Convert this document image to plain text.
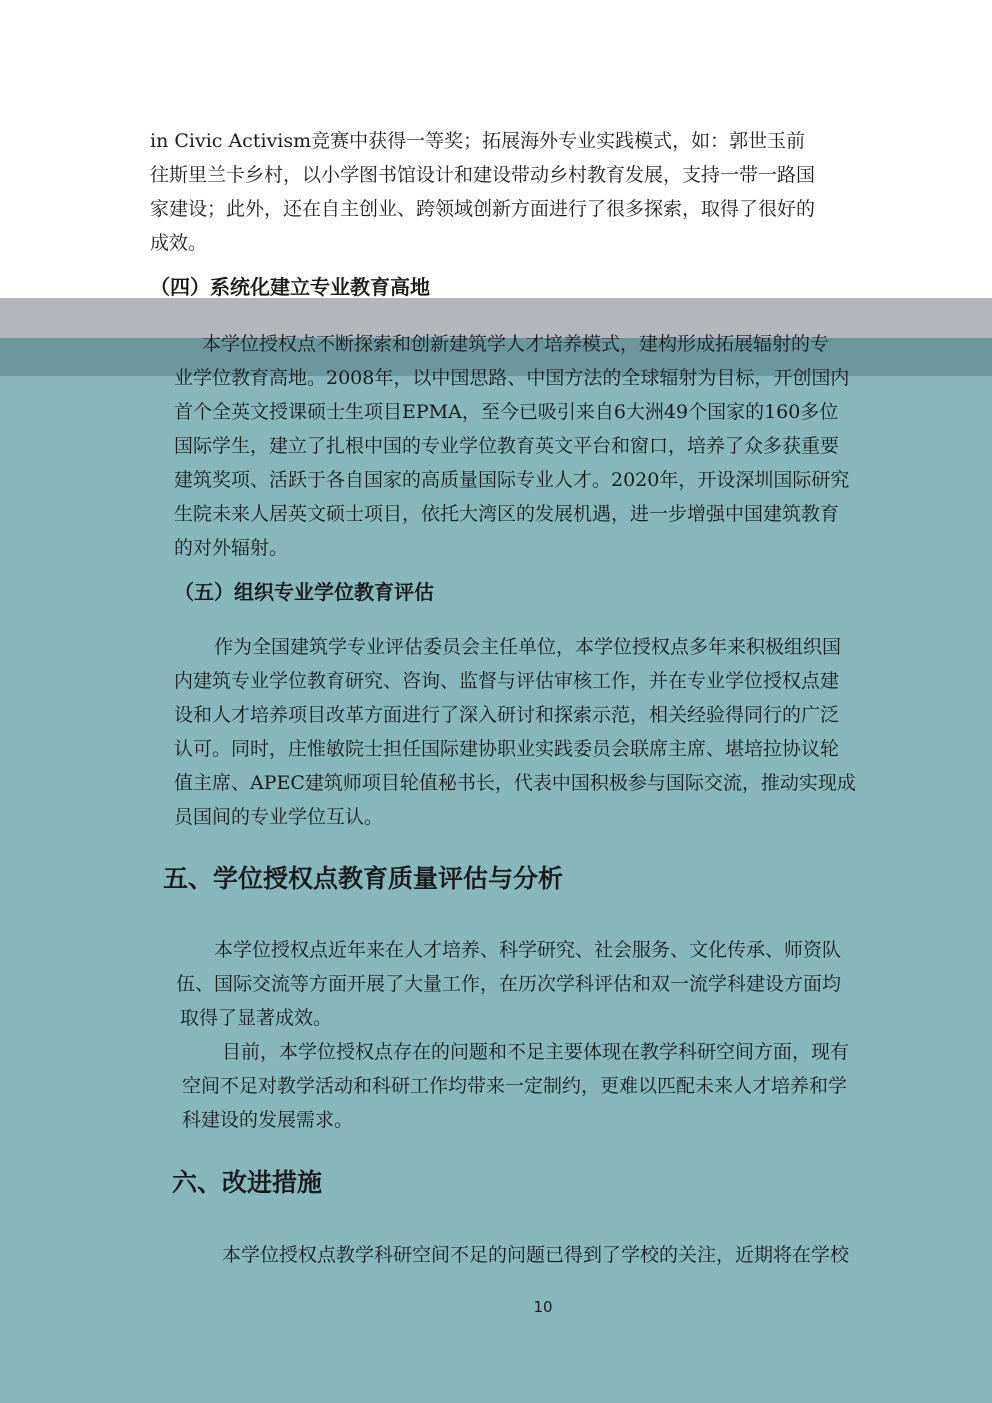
in Civic Activism竞赛中获得一等奖；拓展海外专业实践模式，如：郭世玉前
往斯里兰卡乡村，以小学图书馆设计和建设带动乡村教育发展，支持一带一路国
家建设；此外，还在自主创业、跨领域创新方面进行了很多探索，取得了很好的
成效。
（四）系统化建立专业教育高地
本学位授权点不断探索和创新建筑学人才培养模式，建构形成拓展辐射的专
业学位教育高地。2008年，以中国思路、中国方法的全球辐射为目标，开创国内
首个全英文授课硕士生项目EPMA，至今已吸引来自6大洲49个国家的160多位
国际学生，建立了扎根中国的专业学位教育英文平台和窗口，培养了众多获重要
建筑奖项、活跃于各自国家的高质量国际专业人才。2020年，开设深圳国际研究
生院未来人居英文硕士项目，依托大湾区的发展机遇，进一步增强中国建筑教育
的对外辐射。
（五）组织专业学位教育评估
作为全国建筑学专业评估委员会主任单位，本学位授权点多年来积极组织国
内建筑专业学位教育研究、咨询、监督与评估审核工作，并在专业学位授权点建
设和人才培养项目改革方面进行了深入研讨和探索示范，相关经验得同行的广泛
认可。同时，庄惟敏院士担任国际建协职业实践委员会联席主席、堪培拉协议轮
值主席、APEC建筑师项目轮值秘书长，代表中国积极参与国际交流，推动实现成
员国间的专业学位互认。
五、学位授权点教育质量评估与分析
本学位授权点近年来在人才培养、科学研究、社会服务、文化传承、师资队
伍、国际交流等方面开展了大量工作，在历次学科评估和双一流学科建设方面均
取得了显著成效。
目前，本学位授权点存在的问题和不足主要体现在教学科研空间方面，现有
空间不足对教学活动和科研工作均带来一定制约，更难以匹配未来人才培养和学
科建设的发展需求。
六、改进措施
本学位授权点教学科研空间不足的问题已得到了学校的关注，近期将在学校
10
